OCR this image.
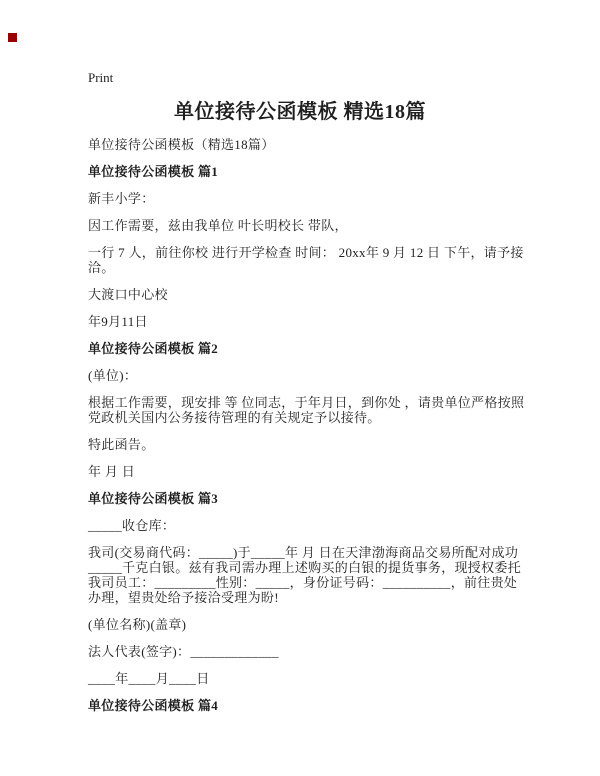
Print
单位接待公函模板 精选18篇

单位接待公函模板（精选18篇）

单位接待公函模板 篇1

新丰小学：

因工作需要，兹由我单位 叶长明校长 带队，

一行 7 人，前往你校 进行开学检查 时间： 20xx年 9 月 12 日 下午，请予接洽。

大渡口中心校

年9月11日

单位接待公函模板 篇2

(单位)：

根据工作需要，现安排 等 位同志，于年月日，到你处 ，请贵单位严格按照党政机关国内公务接待管理的有关规定予以接待。

特此函告。

年 月 日

单位接待公函模板 篇3

_____收仓库：

我司(交易商代码：_____)于_____年 月 日在天津渤海商品交易所配对成功_____千克白银。兹有我司需办理上述购买的白银的提货事务，现授权委托我司员工：_________性别：_____，身份证号码：__________，前往贵处办理，望贵处给予接洽受理为盼!

(单位名称)(盖章)

法人代表(签字)：_____________

____年____月____日

单位接待公函模板 篇4
